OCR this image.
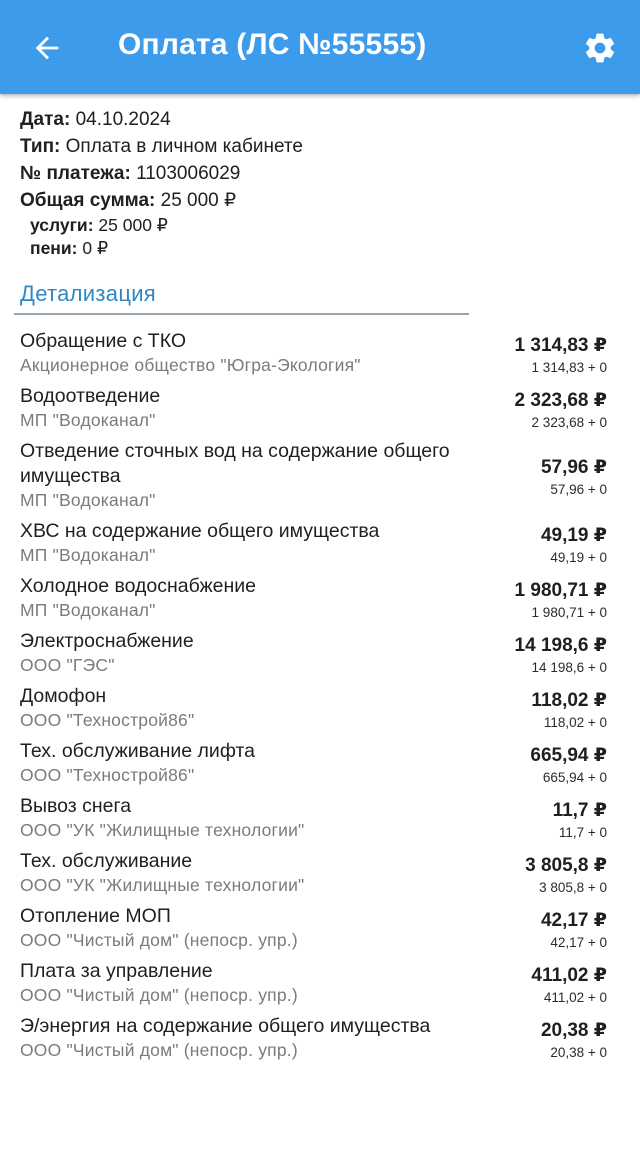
Оплата (ЛС №55555)
Дата: 04.10.2024
Тип: Оплата в личном кабинете
№ платежа: 1103006029
Общая сумма: 25 000 ₽
услуги: 25 000 ₽
пени: 0 ₽
Детализация
Обращение с ТКО
Акционерное общество "Югра-Экология"
1 314,83 ₽
1 314,83 + 0
Водоотведение
МП "Водоканал"
2 323,68 ₽
2 323,68 + 0
Отведение сточных вод на содержание общего имущества
МП "Водоканал"
57,96 ₽
57,96 + 0
ХВС на содержание общего имущества
МП "Водоканал"
49,19 ₽
49,19 + 0
Холодное водоснабжение
МП "Водоканал"
1 980,71 ₽
1 980,71 + 0
Электроснабжение
ООО "ГЭС"
14 198,6 ₽
14 198,6 + 0
Домофон
ООО "Технострой86"
118,02 ₽
118,02 + 0
Тех. обслуживание лифта
ООО "Технострой86"
665,94 ₽
665,94 + 0
Вывоз снега
ООО "УК "Жилищные технологии"
11,7 ₽
11,7 + 0
Тех. обслуживание
ООО "УК "Жилищные технологии"
3 805,8 ₽
3 805,8 + 0
Отопление МОП
ООО "Чистый дом" (непоср. упр.)
42,17 ₽
42,17 + 0
Плата за управление
ООО "Чистый дом" (непоср. упр.)
411,02 ₽
411,02 + 0
Э/энергия на содержание общего имущества
ООО "Чистый дом" (непоср. упр.)
20,38 ₽
20,38 + 0
